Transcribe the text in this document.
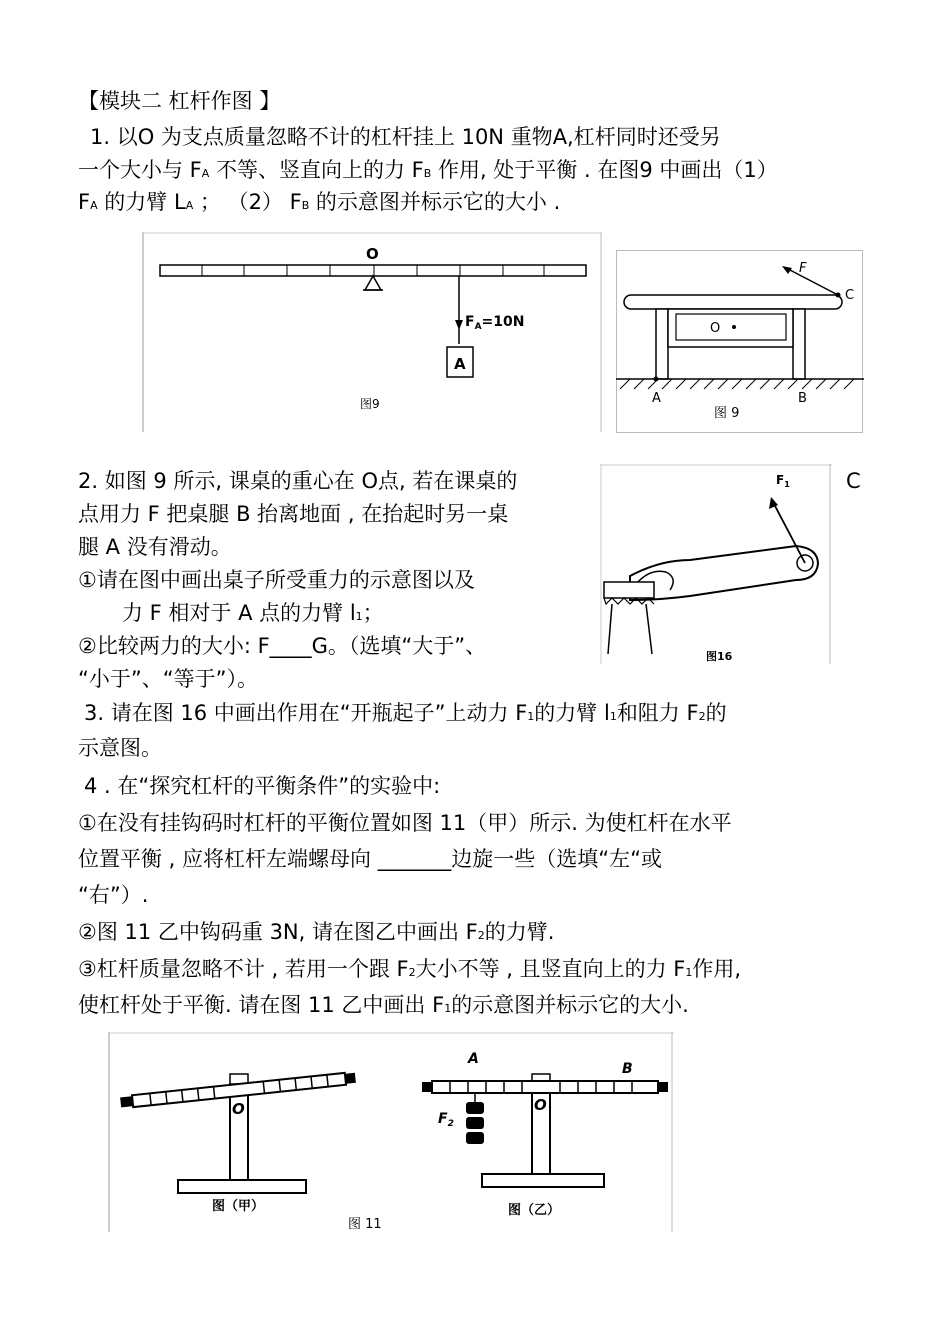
【模块二 杠杆作图 】
1. 以O 为支点质量忽略不计的杠杆挂上 10N 重物A,杠杆同时还受另
一个大小与 FA 不等、竖直向上的力 FB 作用, 处于平衡 . 在图9 中画出（1）
FA 的力臂 LA ； （2） FB 的示意图并标示它的大小 .
O
$F_A=10N$
A
图9
O
F
C
A	B
图 9
2. 如图 9 所示, 课桌的重心在 O点, 若在课桌的	C
点用力 F 把桌腿 B 抬离地面 , 在抬起时另一桌
腿 A 没有滑动。
①请在图中画出桌子所受重力的示意图以及
力 F 相对于 A 点的力臂 l1；
②比较两力的大小: F____G。（选填“大于”、
“小于”、“等于”）。
$F_1$
图16
3. 请在图 16 中画出作用在“开瓶起子”上动力 F1的力臂 l1和阻力 F2的
示意图。
4 . 在“探究杠杆的平衡条件”的实验中:
①在没有挂钩码时杠杆的平衡位置如图 11（甲）所示. 为使杠杆在水平
位置平衡 , 应将杠杆左端螺母向 _______边旋一些（选填“左“或
“右”）.
②图 11 乙中钩码重 3N, 请在图乙中画出 F2的力臂.
③杠杆质量忽略不计 , 若用一个跟 F2大小不等 , 且竖直向上的力 F1作用,
使杠杆处于平衡. 请在图 11 乙中画出 F1的示意图并标示它的大小.
O
图（甲）
A
B
$F_2$
O
图（乙）
图 11
